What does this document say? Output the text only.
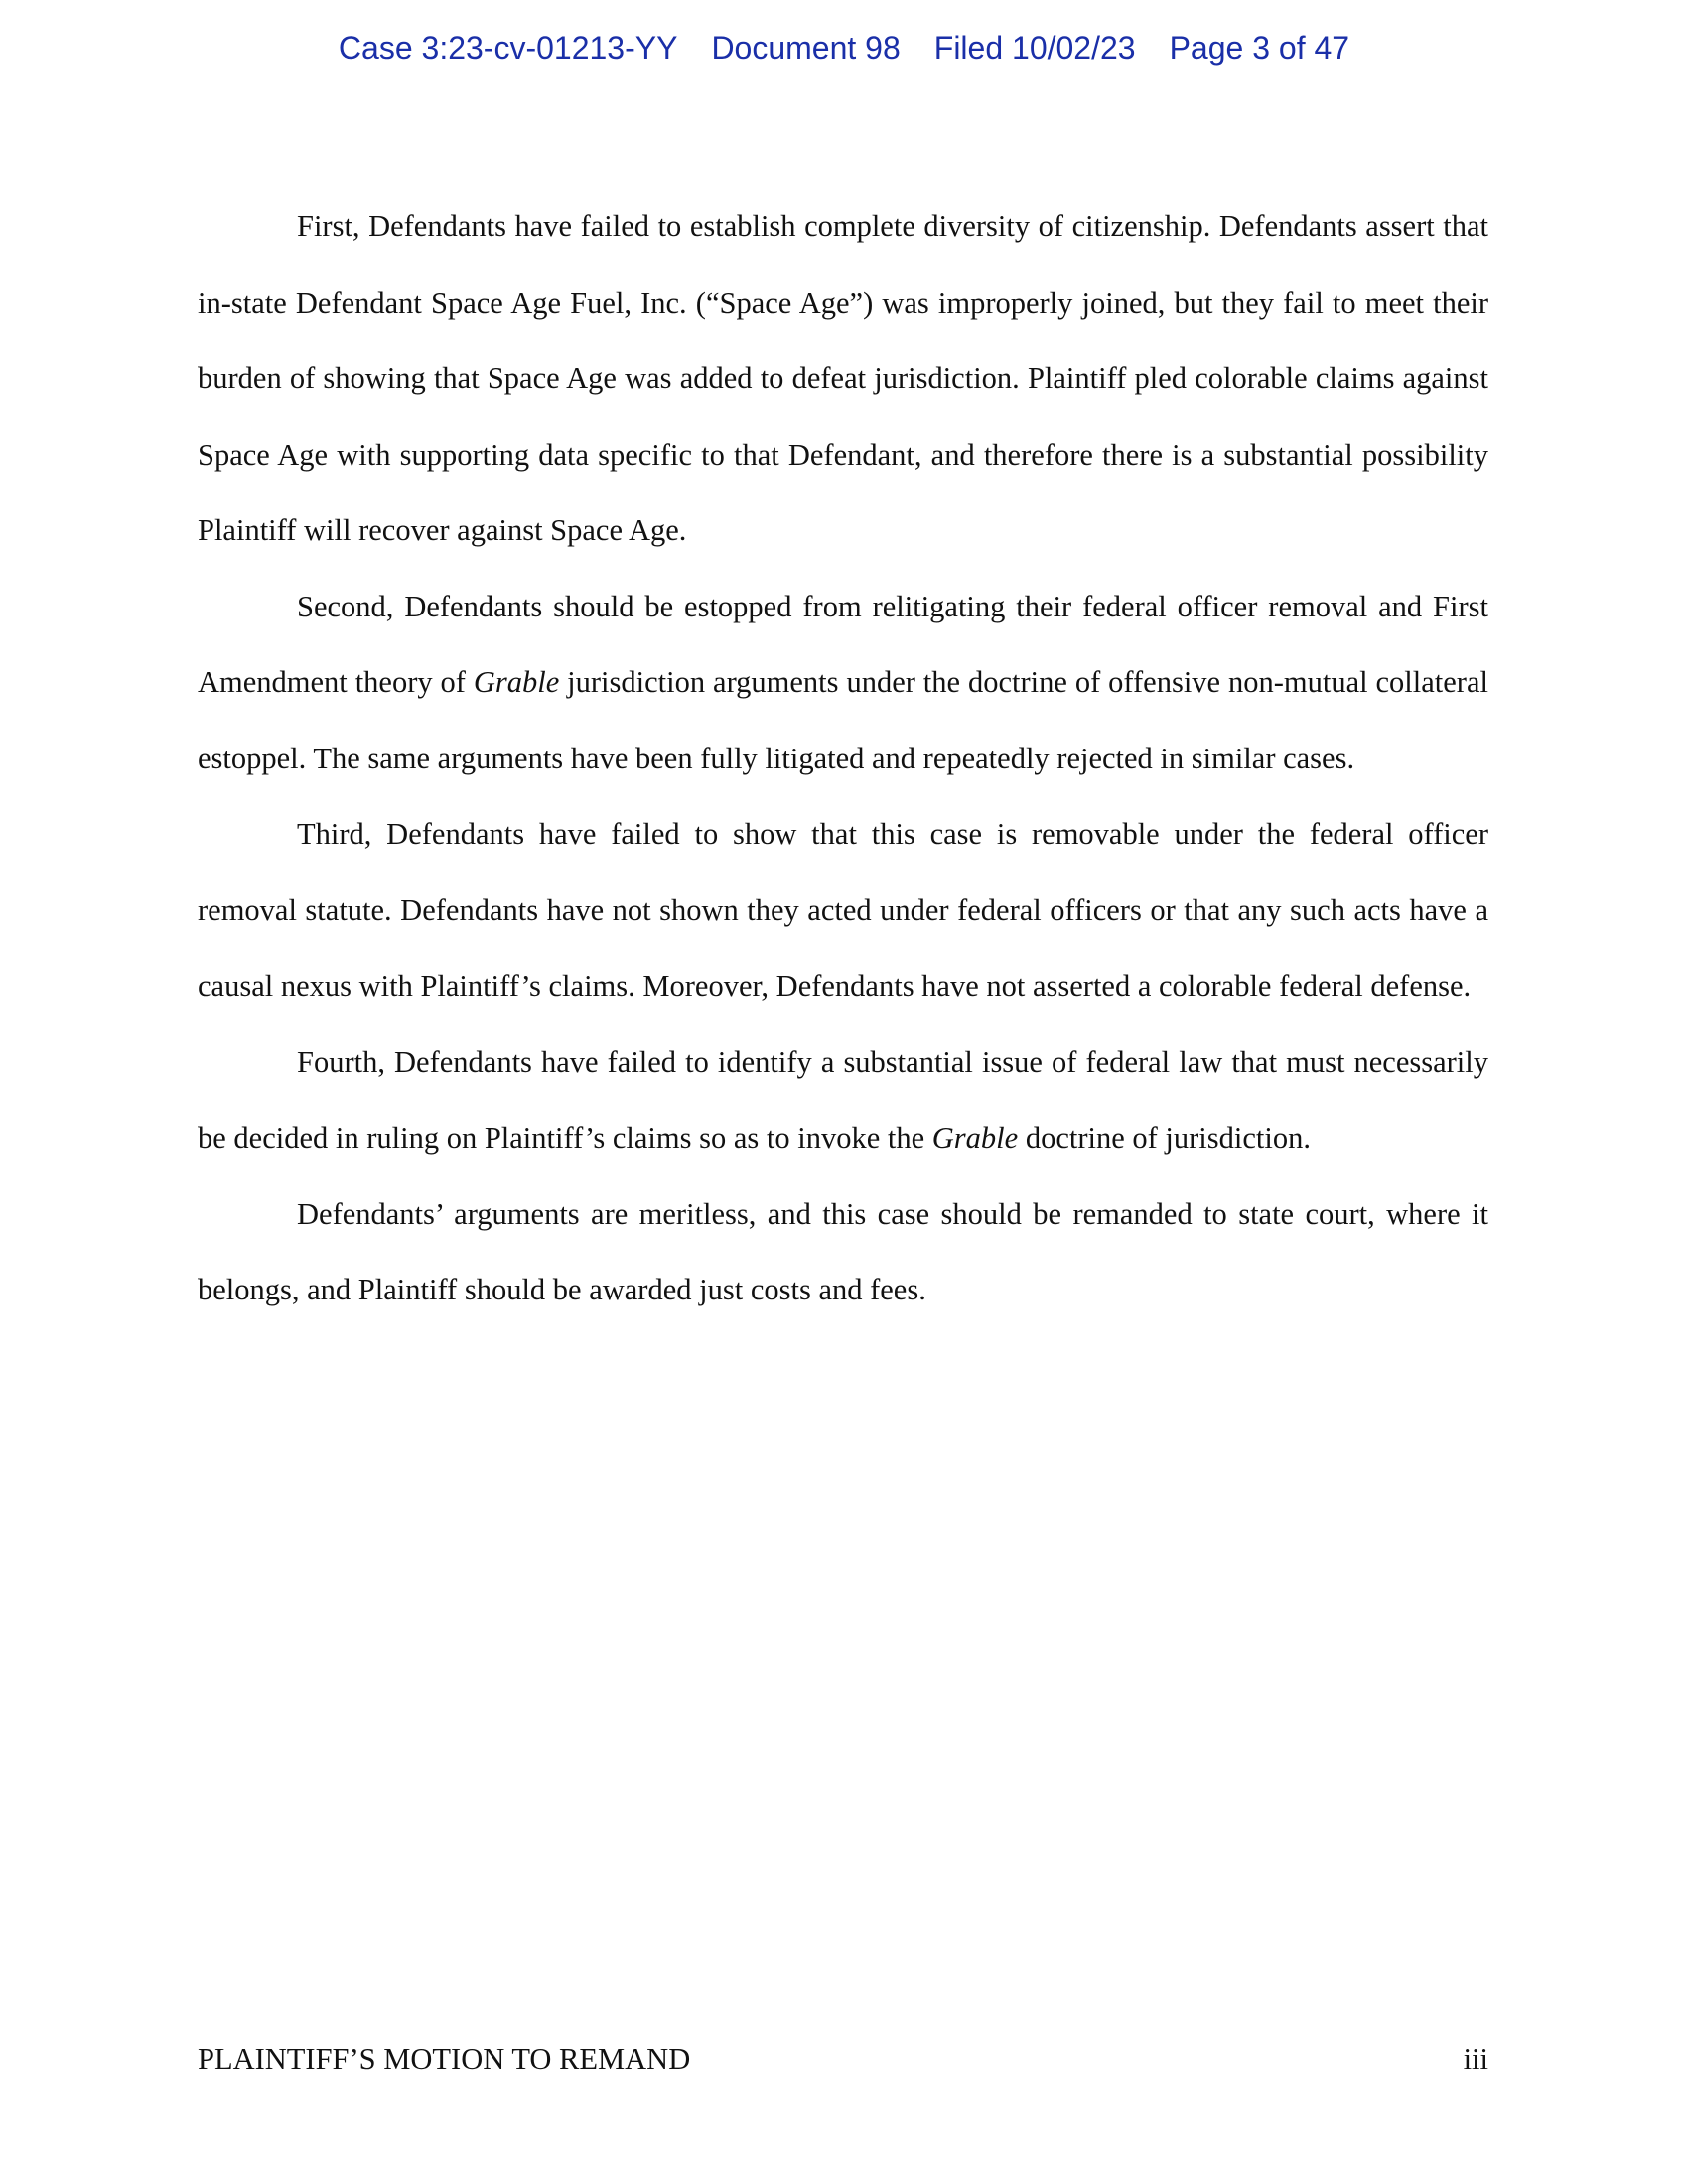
Case 3:23-cv-01213-YY Document 98 Filed 10/02/23 Page 3 of 47

First, Defendants have failed to establish complete diversity of citizenship. Defendants assert that in-state Defendant Space Age Fuel, Inc. (“Space Age”) was improperly joined, but they fail to meet their burden of showing that Space Age was added to defeat jurisdiction. Plaintiff pled colorable claims against Space Age with supporting data specific to that Defendant, and therefore there is a substantial possibility Plaintiff will recover against Space Age.

Second, Defendants should be estopped from relitigating their federal officer removal and First Amendment theory of Grable jurisdiction arguments under the doctrine of offensive non-mutual collateral estoppel. The same arguments have been fully litigated and repeatedly rejected in similar cases.

Third, Defendants have failed to show that this case is removable under the federal officer removal statute. Defendants have not shown they acted under federal officers or that any such acts have a causal nexus with Plaintiff’s claims. Moreover, Defendants have not asserted a colorable federal defense.

Fourth, Defendants have failed to identify a substantial issue of federal law that must necessarily be decided in ruling on Plaintiff’s claims so as to invoke the Grable doctrine of jurisdiction.

Defendants’ arguments are meritless, and this case should be remanded to state court, where it belongs, and Plaintiff should be awarded just costs and fees.

PLAINTIFF’S MOTION TO REMAND	iii
